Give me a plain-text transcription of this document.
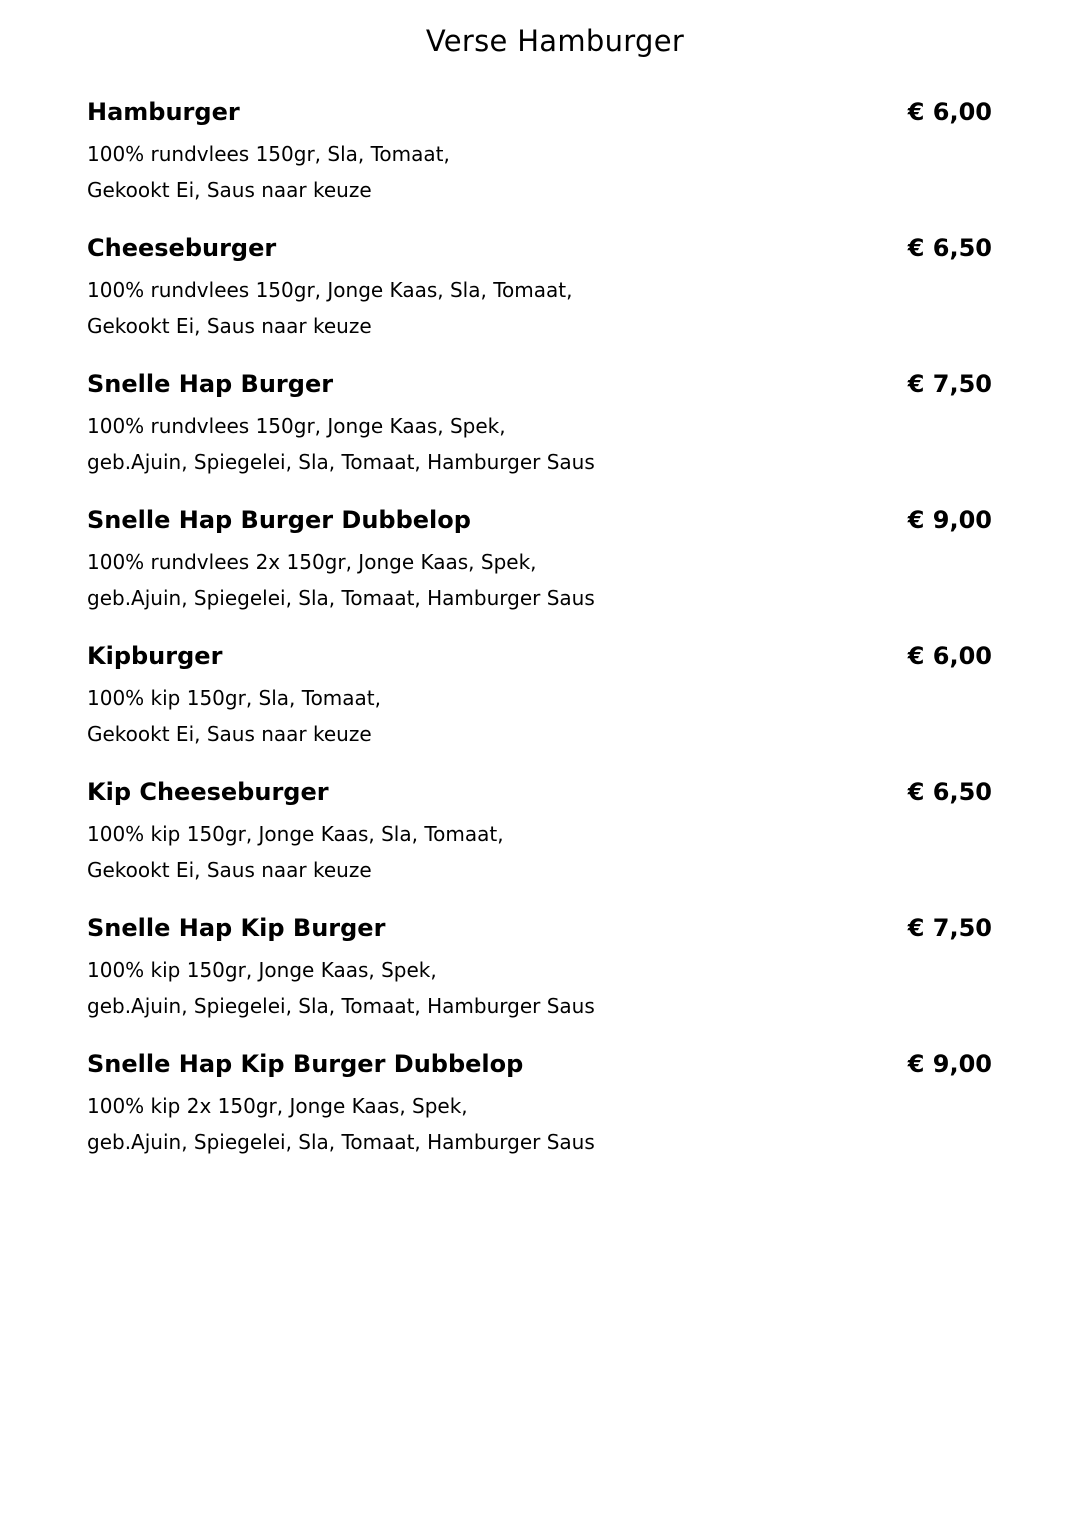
Verse Hamburger
Hamburger	€ 6,00
100% rundvlees 150gr, Sla, Tomaat,
Gekookt Ei, Saus naar keuze
Cheeseburger	€ 6,50
100% rundvlees 150gr, Jonge Kaas, Sla, Tomaat,
Gekookt Ei, Saus naar keuze
Snelle Hap Burger	€ 7,50
100% rundvlees 150gr, Jonge Kaas, Spek,
geb.Ajuin, Spiegelei, Sla, Tomaat, Hamburger Saus
Snelle Hap Burger Dubbelop	€ 9,00
100% rundvlees 2x 150gr, Jonge Kaas, Spek,
geb.Ajuin, Spiegelei, Sla, Tomaat, Hamburger Saus
Kipburger	€ 6,00
100% kip 150gr, Sla, Tomaat,
Gekookt Ei, Saus naar keuze
Kip Cheeseburger	€ 6,50
100% kip 150gr, Jonge Kaas, Sla, Tomaat,
Gekookt Ei, Saus naar keuze
Snelle Hap Kip Burger	€ 7,50
100% kip 150gr, Jonge Kaas, Spek,
geb.Ajuin, Spiegelei, Sla, Tomaat, Hamburger Saus
Snelle Hap Kip Burger Dubbelop	€ 9,00
100% kip 2x 150gr, Jonge Kaas, Spek,
geb.Ajuin, Spiegelei, Sla, Tomaat, Hamburger Saus
